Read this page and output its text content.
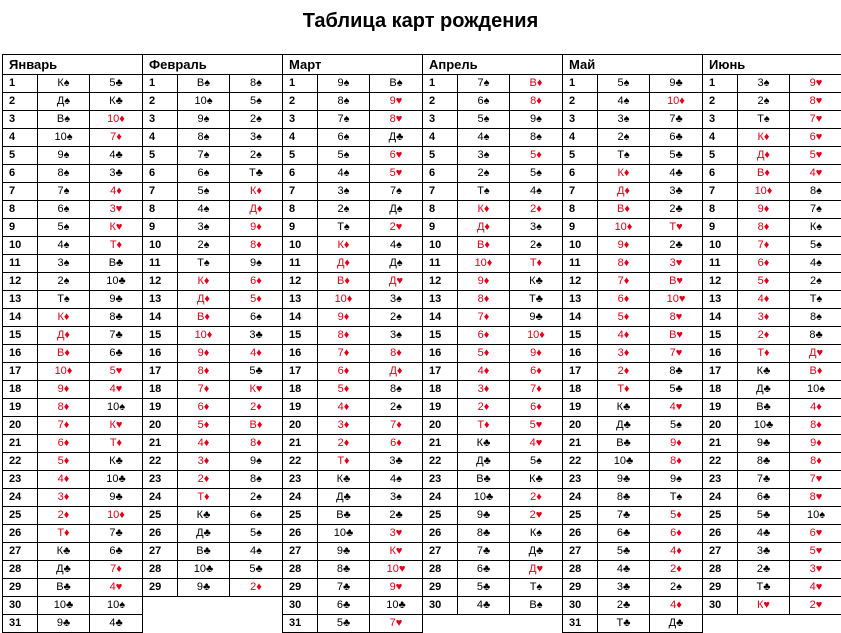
Таблица карт рождения
Январь
1	К♠	5♣
2	Д♠	К♣
3	В♠	10♦
4	10♠	7♦
5	9♠	4♣
6	8♠	3♣
7	7♠	4♦
8	6♠	3♥
9	5♠	К♥
10	4♠	Т♦
11	3♠	В♣
12	2♠	10♣
13	Т♠	9♣
14	К♦	8♣
15	Д♦	7♣
16	В♦	6♣
17	10♦	5♥
18	9♦	4♥
19	8♦	10♠
20	7♦	К♥
21	6♦	Т♦
22	5♦	К♣
23	4♦	10♣
24	3♦	9♣
25	2♦	10♦
26	Т♦	7♣
27	К♣	6♣
28	Д♣	7♦
29	В♣	4♥
30	10♣	10♠
31	9♣	4♣
Февраль
1	В♠	8♠
2	10♠	5♠
3	9♠	2♠
4	8♠	3♠
5	7♠	2♠
6	6♠	Т♣
7	5♠	К♦
8	4♠	Д♦
9	3♠	9♦
10	2♠	8♦
11	Т♠	9♠
12	К♦	6♦
13	Д♦	5♦
14	В♦	6♠
15	10♦	3♣
16	9♦	4♦
17	8♦	5♣
18	7♦	К♥
19	6♦	2♦
20	5♦	В♦
21	4♦	8♦
22	3♦	9♠
23	2♦	8♠
24	Т♦	2♠
25	К♣	6♠
26	Д♣	5♠
27	В♣	4♠
28	10♣	5♣
29	9♣	2♦
Март
1	9♠	В♠
2	8♠	9♥
3	7♠	8♥
4	6♠	Д♣
5	5♠	6♥
6	4♠	5♥
7	3♠	7♠
8	2♠	Д♠
9	Т♠	2♥
10	К♦	4♠
11	Д♦	Д♠
12	В♦	Д♥
13	10♦	3♠
14	9♦	2♠
15	8♦	3♠
16	7♦	8♦
17	6♦	Д♦
18	5♦	8♠
19	4♦	2♠
20	3♦	7♦
21	2♦	6♦
22	Т♦	3♣
23	К♣	4♠
24	Д♣	3♠
25	В♣	2♣
26	10♣	3♥
27	9♣	К♥
28	8♣	10♥
29	7♣	9♥
30	6♣	10♣
31	5♣	7♥
Апрель
1	7♠	В♦
2	6♠	8♦
3	5♠	9♠
4	4♠	8♠
5	3♠	5♦
6	2♠	5♠
7	Т♠	4♠
8	К♦	2♦
9	Д♦	3♠
10	В♦	2♠
11	10♦	Т♦
12	9♦	К♣
13	8♦	Т♣
14	7♦	9♣
15	6♦	10♦
16	5♦	9♦
17	4♦	6♦
18	3♦	7♦
19	2♦	6♦
20	Т♦	5♥
21	К♣	4♥
22	Д♣	5♠
23	В♣	К♣
24	10♣	2♦
25	9♣	2♥
26	8♣	К♠
27	7♣	Д♣
28	6♣	Д♥
29	5♣	Т♠
30	4♣	В♠
Май
1	5♠	9♣
2	4♠	10♦
3	3♠	7♣
4	2♠	6♣
5	Т♠	5♣
6	К♦	4♣
7	Д♦	3♣
8	В♦	2♣
9	10♦	Т♥
10	9♦	2♣
11	8♦	3♥
12	7♦	В♥
13	6♦	10♥
14	5♦	8♥
15	4♦	В♥
16	3♦	7♥
17	2♦	8♣
18	Т♦	5♣
19	К♣	4♥
20	Д♣	5♠
21	В♣	9♦
22	10♣	8♦
23	9♣	9♠
24	8♣	Т♠
25	7♣	5♦
26	6♣	6♦
27	5♣	4♦
28	4♣	2♦
29	3♣	2♠
30	2♣	4♦
31	Т♣	Д♣
Июнь
1	3♠	9♥
2	2♠	8♥
3	Т♠	7♥
4	К♦	6♥
5	Д♦	5♥
6	В♦	4♥
7	10♦	8♠
8	9♦	7♠
9	8♦	К♠
10	7♦	5♠
11	6♦	4♠
12	5♦	2♠
13	4♦	Т♠
14	3♦	8♠
15	2♦	8♣
16	Т♦	Д♥
17	К♣	В♦
18	Д♣	10♠
19	В♣	4♦
20	10♣	8♦
21	9♣	9♦
22	8♣	8♦
23	7♣	7♥
24	6♣	8♥
25	5♣	10♠
26	4♣	6♥
27	3♣	5♥
28	2♣	3♥
29	Т♣	4♥
30	К♥	2♥
